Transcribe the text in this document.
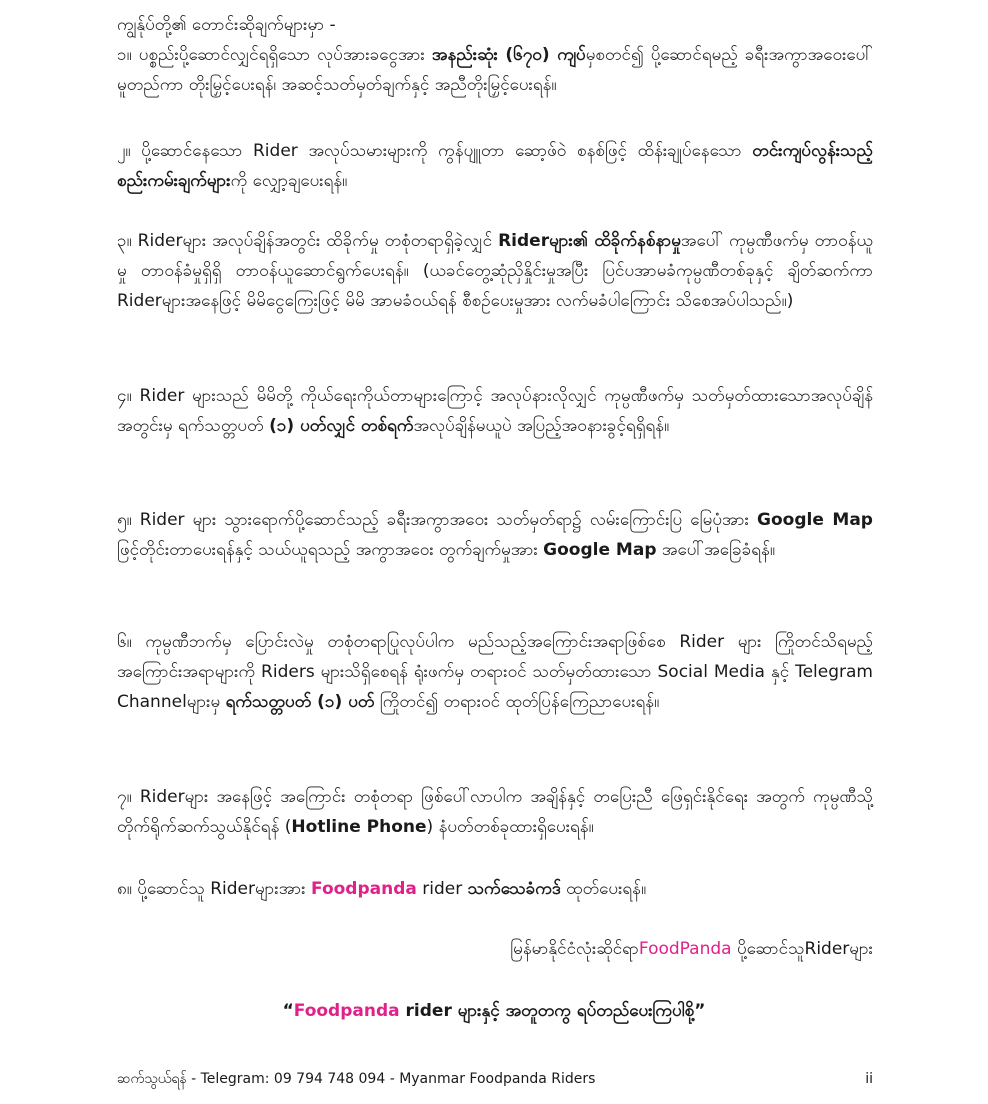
ကျွန်ုပ်တို့၏ တောင်းဆိုချက်များမှာ -
၁။ ပစ္စည်းပို့ဆောင်လျှင်ရရှိသော လုပ်အားခငွေအား အနည်းဆုံး (၆၇၀) ကျပ်မှစတင်၍ ပို့ဆောင်ရမည့် ခရီးအကွာအဝေးပေါ်မူတည်ကာ တိုးမြှင့်ပေးရန်၊ အဆင့်သတ်မှတ်ချက်နှင့် အညီတိုးမြှင့်ပေးရန်။
၂။ ပို့ဆောင်နေသော Rider အလုပ်သမားများကို ကွန်ပျူတာ ဆော့ဖ်ဝဲ စနစ်ဖြင့် ထိန်းချုပ်နေသော တင်းကျပ်လွန်းသည့် စည်းကမ်းချက်များကို လျှော့ချပေးရန်။
၃။ Riderများ အလုပ်ချိန်အတွင်း ထိခိုက်မှု တစုံတရာရှိခဲ့လျှင် Riderများ၏ ထိခိုက်နစ်နာမှုအပေါ် ကုမ္ပဏီဖက်မှ တာဝန်ယူမှု တာဝန်ခံမှုရှိရှိ တာဝန်ယူဆောင်ရွက်ပေးရန်။ (ယခင်တွေ့ဆုံညှိနှိုင်းမှုအပြီး ပြင်ပအာမခံကုမ္ပဏီတစ်ခုနှင့် ချိတ်ဆက်ကာ Riderများအနေဖြင့် မိမိငွေကြေးဖြင့် မိမိ အာမခံဝယ်ရန် စီစဥ်ပေးမှုအား လက်မခံပါကြောင်း သိစေအပ်ပါသည်။)
၄။ Rider များသည် မိမိတို့ ကိုယ်ရေးကိုယ်တာများကြောင့် အလုပ်နားလိုလျှင် ကုမ္ပဏီဖက်မှ သတ်မှတ်ထားသောအလုပ်ချိန်အတွင်းမှ ရက်သတ္တပတ် (၁) ပတ်လျှင် တစ်ရက်အလုပ်ချိန်မယူပဲ အပြည့်အဝနားခွင့်ရရှိရန်။
၅။ Rider များ သွားရောက်ပို့ဆောင်သည့် ခရီးအကွာအဝေး သတ်မှတ်ရာ၌ လမ်းကြောင်းပြ မြေပုံအား Google Map ဖြင့်တိုင်းတာပေးရန်နှင့် သယ်ယူရသည့် အကွာအဝေး တွက်ချက်မှုအား Google Map အပေါ်အခြေခံရန်။
၆။ ကုမ္ပဏီဘက်မှ ပြောင်းလဲမှု တစုံတရာပြုလုပ်ပါက မည်သည့်အကြောင်းအရာဖြစ်စေ Rider များ ကြိုတင်သိရမည့် အကြောင်းအရာများကို Riders များသိရှိစေရန် ရုံးဖက်မှ တရားဝင် သတ်မှတ်ထားသော Social Media နှင့် Telegram Channelများမှ ရက်သတ္တပတ် (၁) ပတ် ကြိုတင်၍ တရားဝင် ထုတ်ပြန်ကြေညာပေးရန်။
၇။ Riderများ အနေဖြင့် အကြောင်း တစုံတရာ ဖြစ်ပေါ်လာပါက အချိန်နှင့် တပြေးညီ ဖြေရှင်းနိုင်ရေး အတွက် ကုမ္ပဏီသို့ တိုက်ရိုက်ဆက်သွယ်နိုင်ရန် (Hotline Phone) နံပတ်တစ်ခုထားရှိပေးရန်။
၈။ ပို့ဆောင်သူ Riderများအား Foodpanda rider သက်သေခံကဒ် ထုတ်ပေးရန်။
မြန်မာနိုင်ငံလုံးဆိုင်ရာFoodPanda ပို့ဆောင်သူRiderများ
“Foodpanda rider များနှင့် အတူတကွ ရပ်တည်ပေးကြပါစို့”
ဆက်သွယ်ရန် - Telegram: 09 794 748 094 - Myanmar Foodpanda Riders	ii
